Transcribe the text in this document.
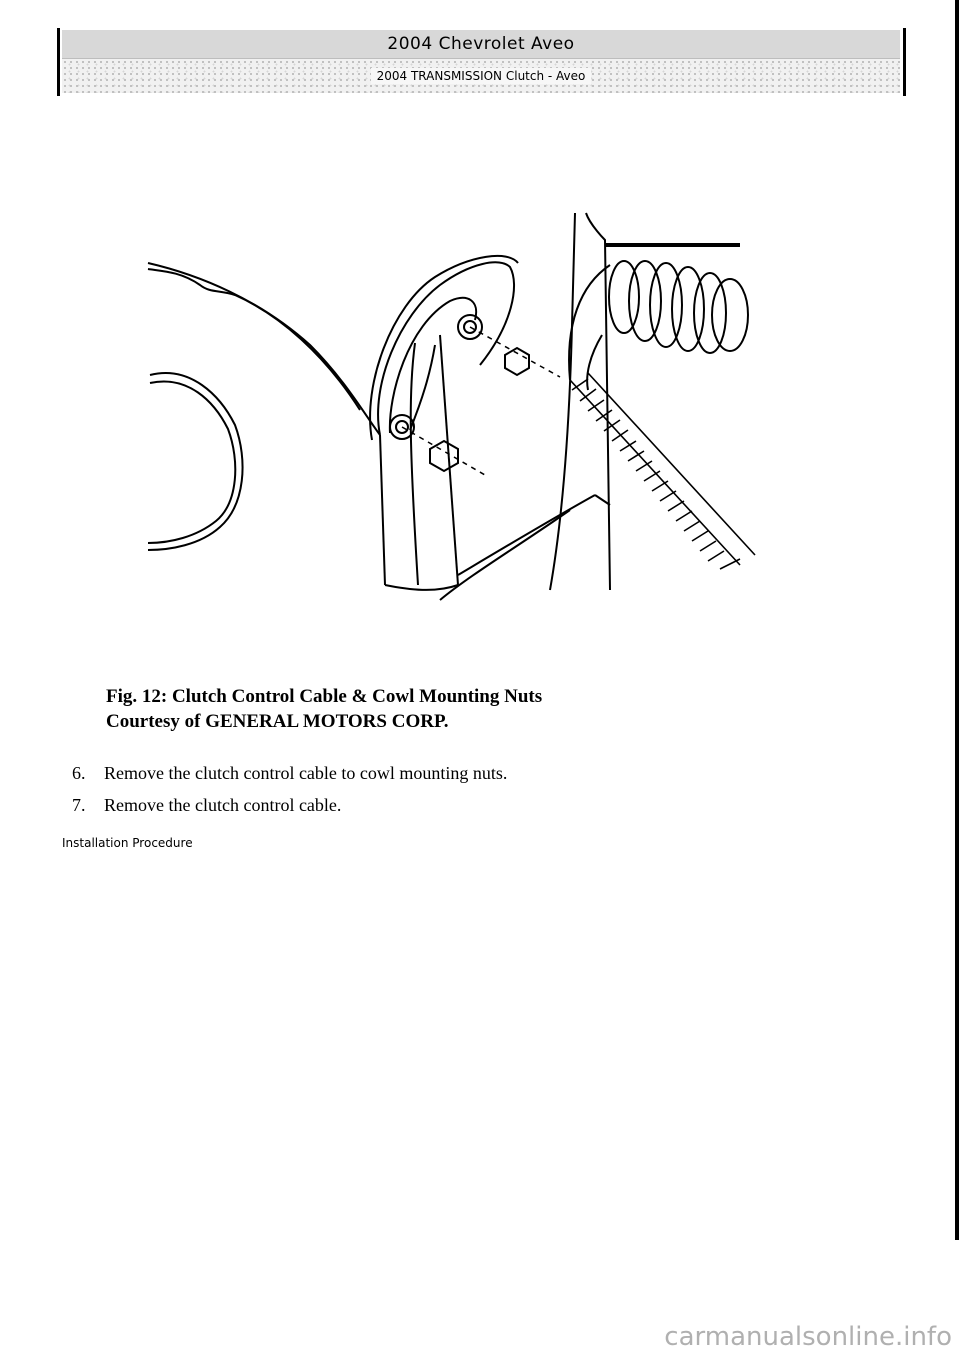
2004 Chevrolet Aveo
2004 TRANSMISSION Clutch - Aveo
Fig. 12: Clutch Control Cable & Cowl Mounting Nuts
Courtesy of GENERAL MOTORS CORP.
6.	Remove the clutch control cable to cowl mounting nuts.
7.	Remove the clutch control cable.
Installation Procedure
carmanualsonline.info
